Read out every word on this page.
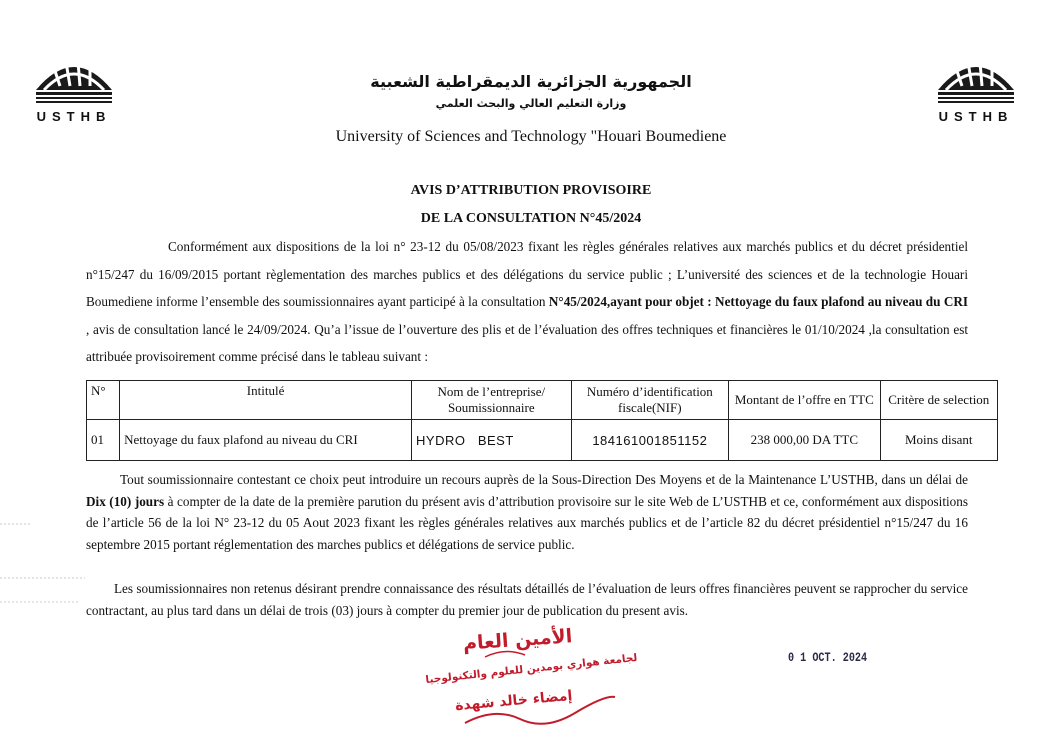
USTHB	USTHB
الجمهورية الجزائرية الديمقراطية الشعبية
وزارة التعليم العالي والبحث العلمي
University of Sciences and Technology "Houari Boumediene
AVIS D’ATTRIBUTION PROVISOIRE
DE LA CONSULTATION N°45/2024
Conformément aux dispositions de la loi n° 23-12 du 05/08/2023 fixant les règles générales relatives aux marchés publics et du décret présidentiel n°15/247 du 16/09/2015 portant règlementation des marches publics et des délégations du service public ; L’université des sciences et de la technologie Houari Boumediene informe l’ensemble des soumissionnaires ayant participé à la consultation N°45/2024,ayant pour objet : Nettoyage du faux plafond au niveau du CRI , avis de consultation lancé le 24/09/2024. Qu’a l’issue de l’ouverture des plis et de l’évaluation des offres techniques et financières le 01/10/2024 ,la consultation est attribuée provisoirement comme précisé dans le tableau suivant :
N°	Intitulé	Nom de l’entreprise/ Soumissionnaire	Numéro d’identification fiscale(NIF)	Montant de l’offre en TTC	Critère de selection
01	Nettoyage du faux plafond au niveau du CRI	HYDRO   BEST	184161001851152	238 000,00 DA TTC	Moins disant
Tout soumissionnaire contestant ce choix peut introduire un recours auprès de la Sous-Direction Des Moyens et de la Maintenance L’USTHB, dans un délai de Dix (10) jours à compter de la date de la première parution du présent avis d’attribution provisoire sur le site Web de L’USTHB et ce, conformément aux dispositions de l’article 56 de la loi N° 23-12 du 05 Aout 2023 fixant les règles générales relatives aux marchés publics et de l’article 82 du décret présidentiel n°15/247 du 16 septembre 2015 portant réglementation des marches publics et délégations de service public.
Les soumissionnaires non retenus désirant prendre connaissance des résultats détaillés de l’évaluation de leurs offres financières peuvent se rapprocher du service contractant, au plus tard dans un délai de trois (03) jours à compter du premier jour de publication du present avis.
0 1 OCT. 2024
الأمين العام
لجامعة هواري بومدين للعلوم والتكنولوجيا
إمضاء خالد شهدة
